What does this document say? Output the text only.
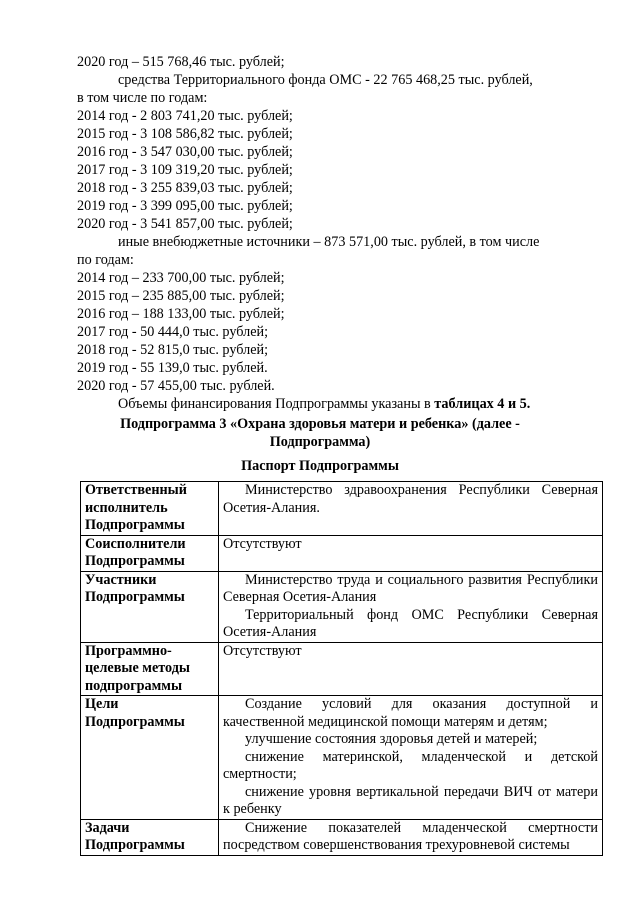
2020 год – 515 768,46 тыс. рублей;
средства Территориального фонда ОМС - 22 765 468,25 тыс. рублей,
в том числе по годам:
2014 год - 2 803 741,20 тыс. рублей;
2015 год - 3 108 586,82 тыс. рублей;
2016 год - 3 547 030,00 тыс. рублей;
2017 год - 3 109 319,20 тыс. рублей;
2018 год - 3 255 839,03 тыс. рублей;
2019 год - 3 399 095,00 тыс. рублей;
2020 год - 3 541 857,00 тыс. рублей;
иные внебюджетные источники – 873 571,00 тыс. рублей, в том числе
по годам:
2014 год – 233 700,00 тыс. рублей;
2015 год – 235 885,00 тыс. рублей;
2016 год – 188 133,00 тыс. рублей;
2017 год - 50 444,0 тыс. рублей;
2018 год - 52 815,0 тыс. рублей;
2019 год - 55 139,0 тыс. рублей.
2020 год - 57 455,00 тыс. рублей.
Объемы финансирования Подпрограммы указаны в таблицах 4 и 5.
Подпрограмма 3 «Охрана здоровья матери и ребенка» (далее -
Подпрограмма)
Паспорт Подпрограммы
Ответственный
исполнитель
Подпрограммы	Министерство здравоохранения Республики Северная Осетия-Алания.

Соисполнители
Подпрограммы	Отсутствуют

Участники
Подпрограммы	Министерство труда и социального развития Республики Северная Осетия-Алания
Территориальный фонд ОМС Республики Северная Осетия-Алания

Программно-
целевые методы
подпрограммы	Отсутствуют

Цели
Подпрограммы	Создание условий для оказания доступной и качественной медицинской помощи матерям и детям;
улучшение состояния здоровья детей и матерей;
снижение материнской, младенческой и детской смертности;
снижение уровня вертикальной передачи ВИЧ от матери к ребенку

Задачи
Подпрограммы	Снижение показателей младенческой смертности посредством совершенствования трехуровневой системы
